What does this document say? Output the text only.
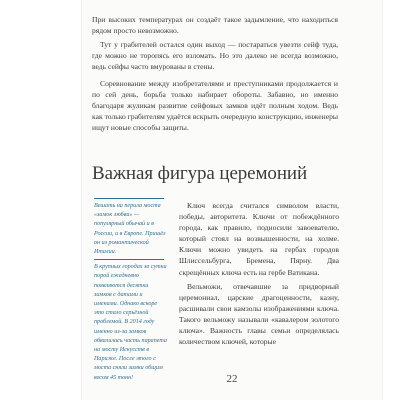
При высоких температурах он создаёт такое задымление, что находиться рядом просто невозможно.

Тут у грабителей остался один выход — постараться увезти сейф туда, где можно не торопясь его взломать. Но это далеко не всегда возможно, ведь сейфы часто вмурованы в стены.

Соревнование между изобретателями и преступниками продолжается и по сей день, борьба только набирает обороты. Забавно, но именно благодаря жуликам развитие сейфовых замков идёт полным ходом. Ведь как только грабителям удаётся вскрыть очередную конструкцию, инженеры ищут новые способы защиты.

Важная фигура церемоний

Вешать на перила моста «замок любви» — популярный обычай и в России, и в Европе. Пришёл он из романтической Италии.

В крупных городах за сутки порой ежедневно появляются десятки замков с датами и именами. Однако вскоре это стало серьёзной проблемой. В 2014 году именно из-за замков обвалилась часть парапета на мосту Искусств в Париже. После этого с моста сняли замки общим весом 45 тонн!

Ключ всегда считался символом власти, победы, авторитета. Ключи от побеждённого города, как правило, подносили завоевателю, который стоял на возвышенности, на холме. Ключи можно увидеть на гербах городов Шлиссельбурга, Бремена, Пярну. Два скрещённых ключа есть на гербе Ватикана.

Вельможи, отвечавшие за придворный церемониал, царские драгоценности, казну, расшивали свои камзолы изображениями ключа. Такого вельможу называли «кавалером золотого ключа». Важность главы семьи определялась количеством ключей, которые

22
